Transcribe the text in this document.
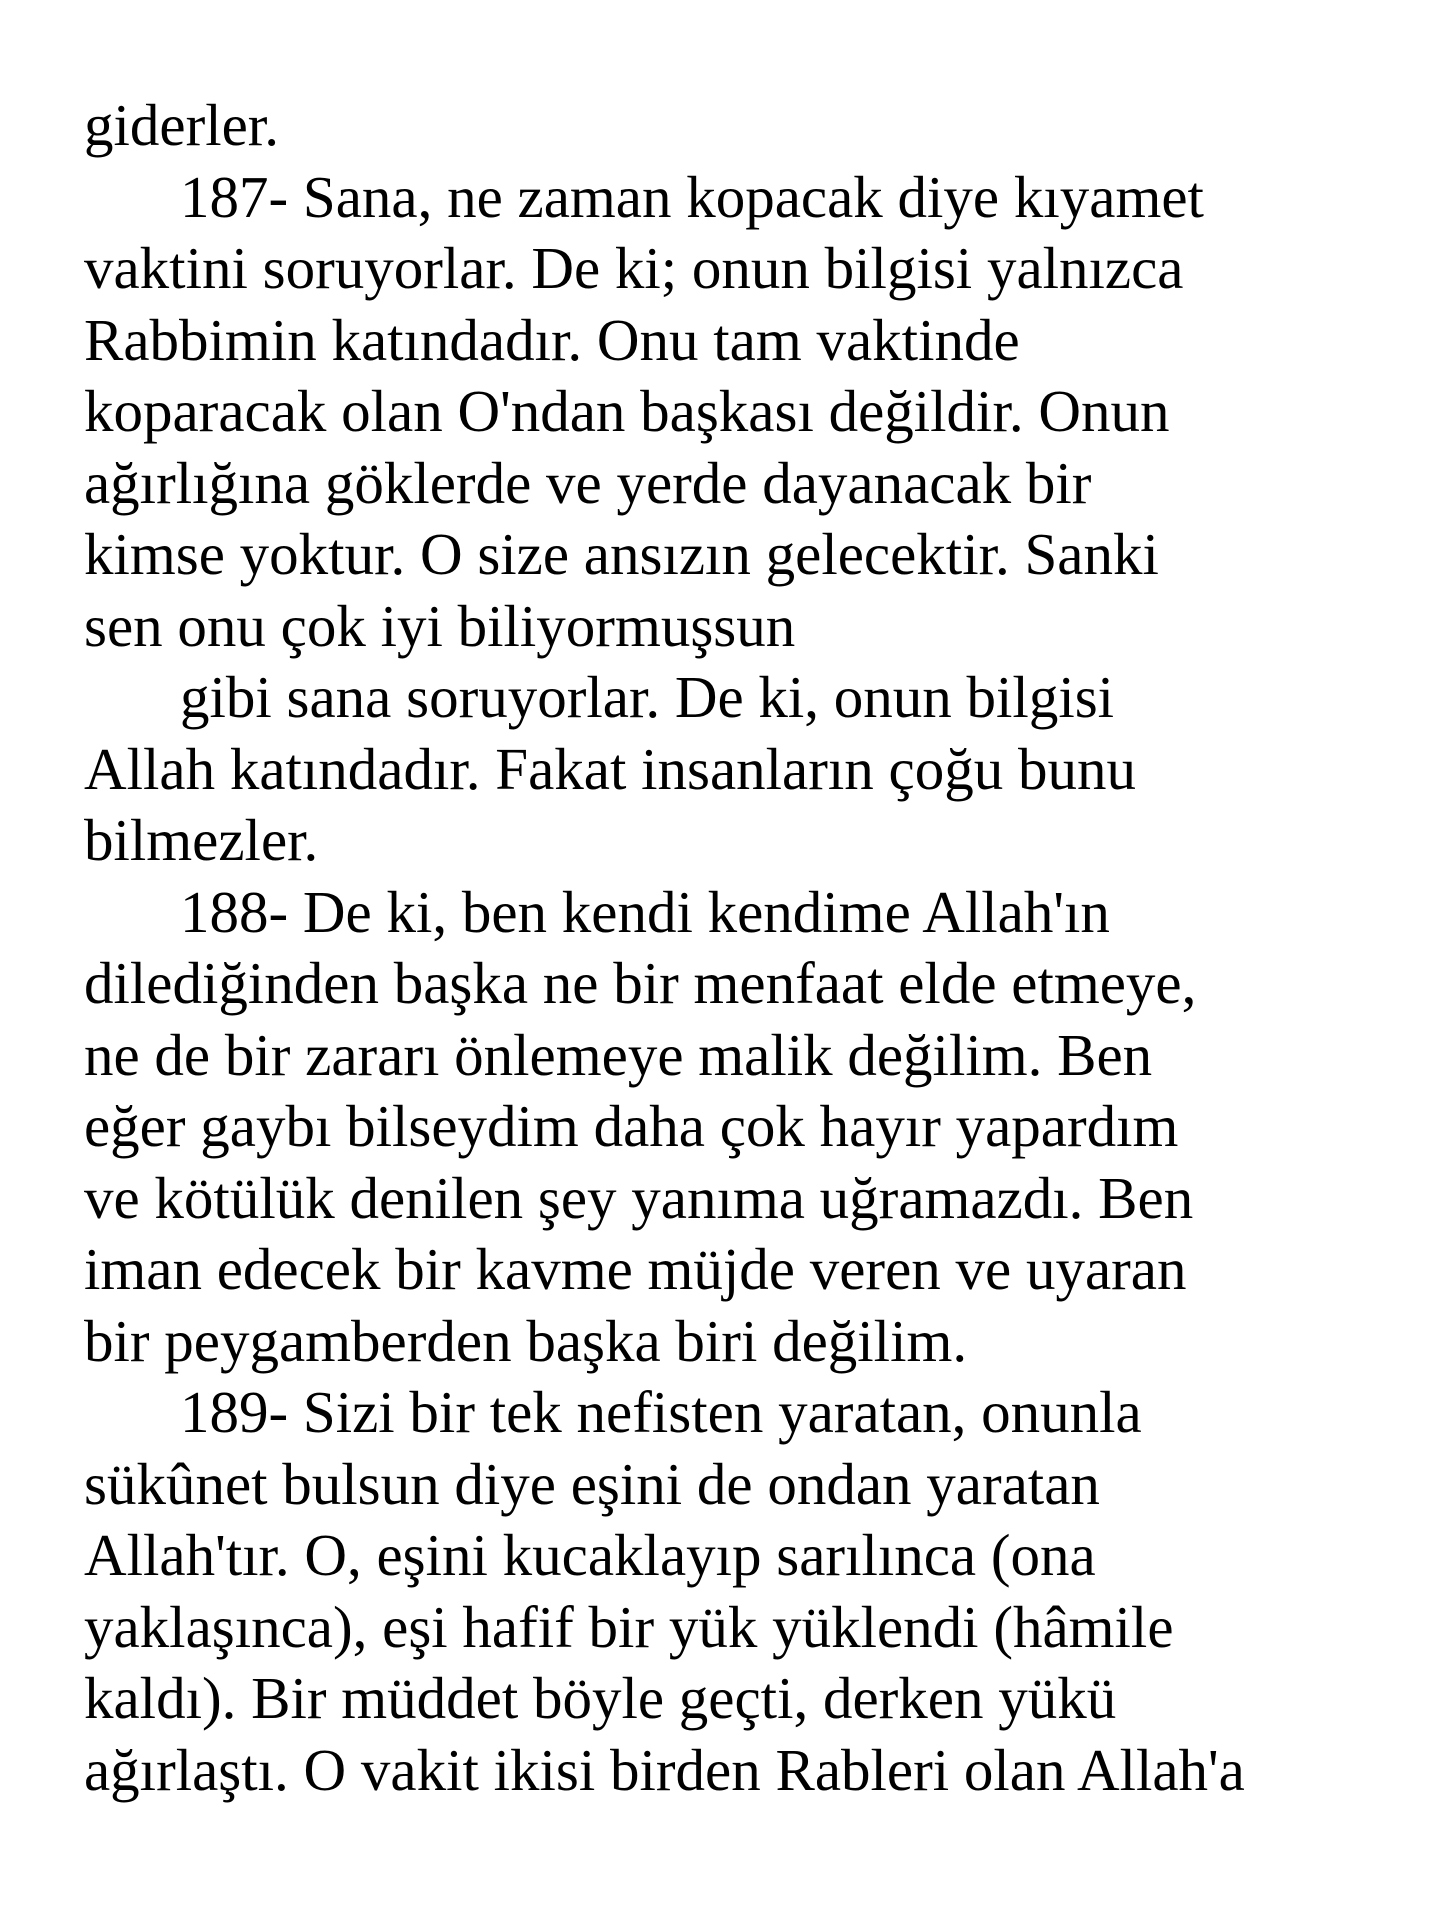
giderler.
187- Sana, ne zaman kopacak diye kıyamet
vaktini soruyorlar. De ki; onun bilgisi yalnızca
Rabbimin katındadır. Onu tam vaktinde
koparacak olan O'ndan başkası değildir. Onun
ağırlığına göklerde ve yerde dayanacak bir
kimse yoktur. O size ansızın gelecektir. Sanki
sen onu çok iyi biliyormuşsun
gibi sana soruyorlar. De ki, onun bilgisi
Allah katındadır. Fakat insanların çoğu bunu
bilmezler.
188- De ki, ben kendi kendime Allah'ın
dilediğinden başka ne bir menfaat elde etmeye,
ne de bir zararı önlemeye malik değilim. Ben
eğer gaybı bilseydim daha çok hayır yapardım
ve kötülük denilen şey yanıma uğramazdı. Ben
iman edecek bir kavme müjde veren ve uyaran
bir peygamberden başka biri değilim.
189- Sizi bir tek nefisten yaratan, onunla
sükûnet bulsun diye eşini de ondan yaratan
Allah'tır. O, eşini kucaklayıp sarılınca (ona
yaklaşınca), eşi hafif bir yük yüklendi (hâmile
kaldı). Bir müddet böyle geçti, derken yükü
ağırlaştı. O vakit ikisi birden Rableri olan Allah'a
